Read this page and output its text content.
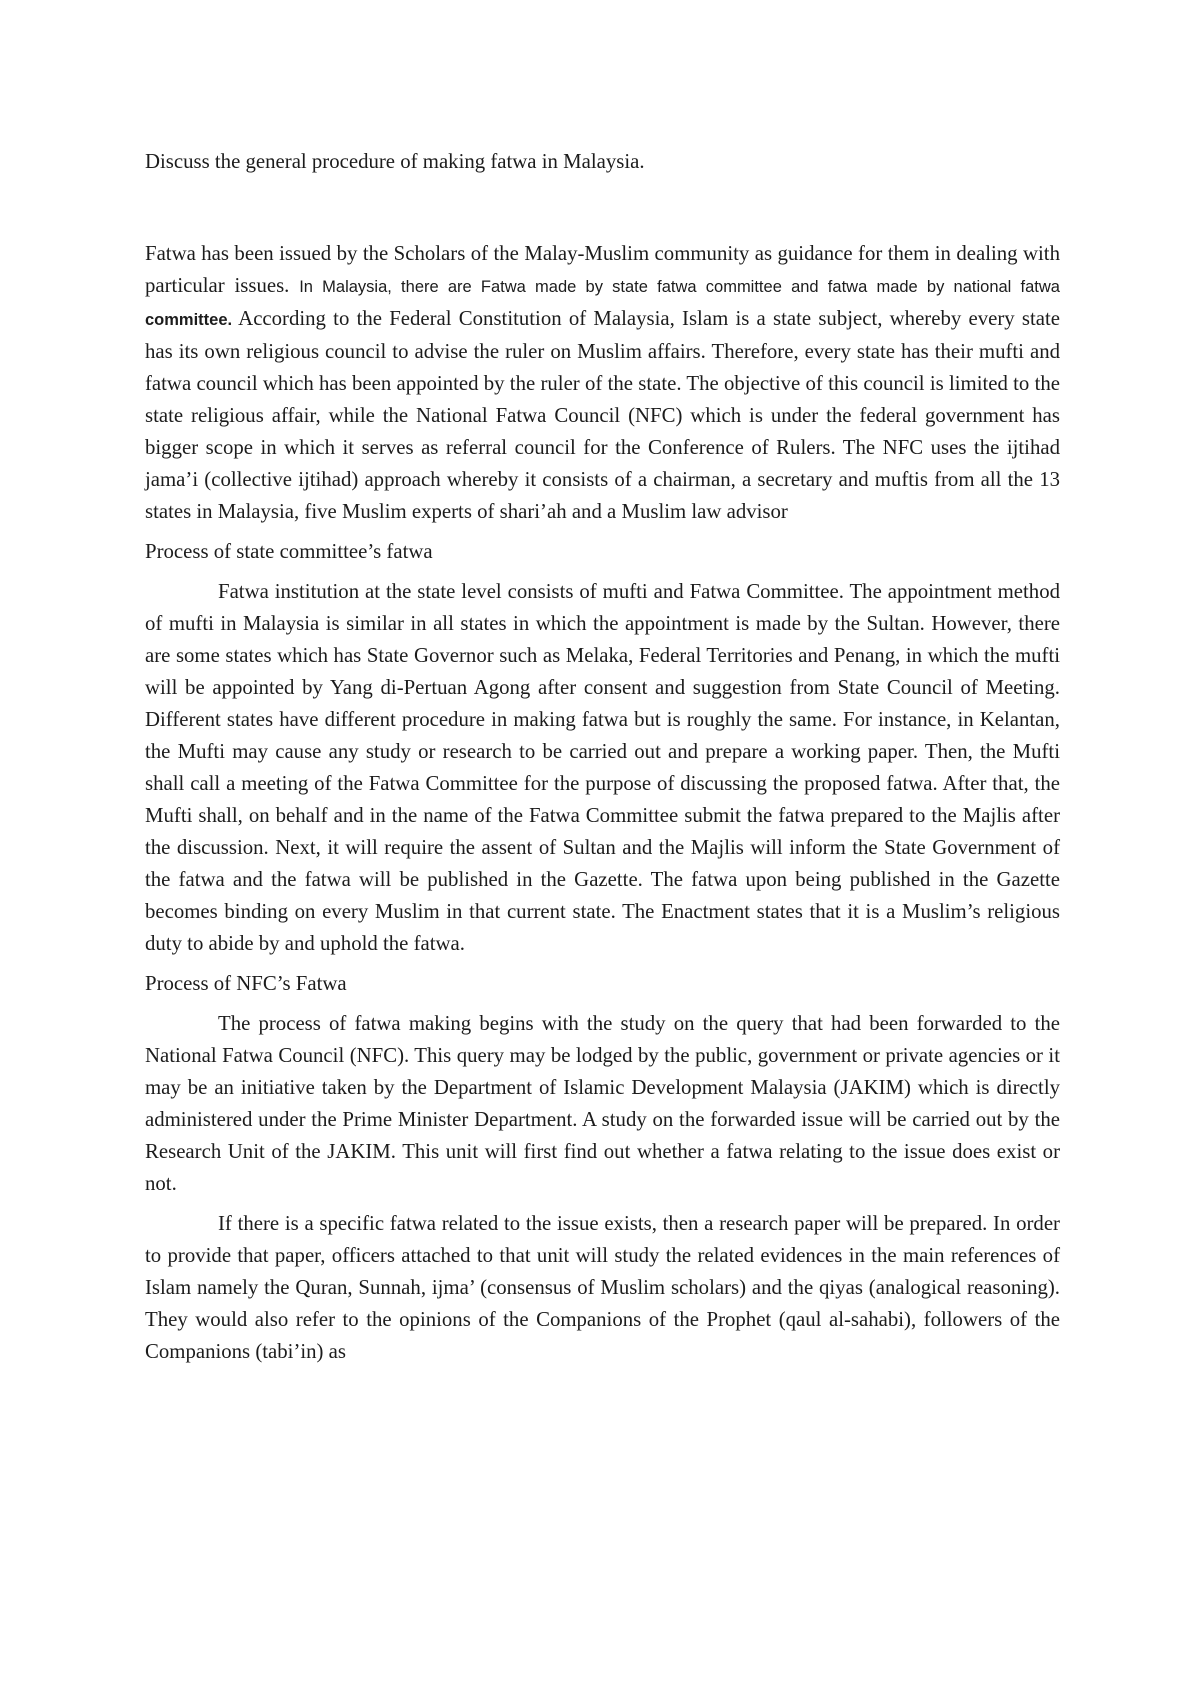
Discuss the general procedure of making fatwa in Malaysia.

Fatwa has been issued by the Scholars of the Malay-Muslim community as guidance for them in dealing with particular issues. In Malaysia, there are Fatwa made by state fatwa committee and fatwa made by national fatwa committee. According to the Federal Constitution of Malaysia, Islam is a state subject, whereby every state has its own religious council to advise the ruler on Muslim affairs. Therefore, every state has their mufti and fatwa council which has been appointed by the ruler of the state. The objective of this council is limited to the state religious affair, while the National Fatwa Council (NFC) which is under the federal government has bigger scope in which it serves as referral council for the Conference of Rulers. The NFC uses the ijtihad jama’i (collective ijtihad) approach whereby it consists of a chairman, a secretary and muftis from all the 13 states in Malaysia, five Muslim experts of shari’ah and a Muslim law advisor

Process of state committee’s fatwa

Fatwa institution at the state level consists of mufti and Fatwa Committee. The appointment method of mufti in Malaysia is similar in all states in which the appointment is made by the Sultan. However, there are some states which has State Governor such as Melaka, Federal Territories and Penang, in which the mufti will be appointed by Yang di-Pertuan Agong after consent and suggestion from State Council of Meeting. Different states have different procedure in making fatwa but is roughly the same. For instance, in Kelantan, the Mufti may cause any study or research to be carried out and prepare a working paper. Then, the Mufti shall call a meeting of the Fatwa Committee for the purpose of discussing the proposed fatwa. After that, the Mufti shall, on behalf and in the name of the Fatwa Committee submit the fatwa prepared to the Majlis after the discussion. Next, it will require the assent of Sultan and the Majlis will inform the State Government of the fatwa and the fatwa will be published in the Gazette. The fatwa upon being published in the Gazette becomes binding on every Muslim in that current state. The Enactment states that it is a Muslim’s religious duty to abide by and uphold the fatwa.

Process of NFC’s Fatwa

The process of fatwa making begins with the study on the query that had been forwarded to the National Fatwa Council (NFC). This query may be lodged by the public, government or private agencies or it may be an initiative taken by the Department of Islamic Development Malaysia (JAKIM) which is directly administered under the Prime Minister Department. A study on the forwarded issue will be carried out by the Research Unit of the JAKIM. This unit will first find out whether a fatwa relating to the issue does exist or not.

If there is a specific fatwa related to the issue exists, then a research paper will be prepared. In order to provide that paper, officers attached to that unit will study the related evidences in the main references of Islam namely the Quran, Sunnah, ijma’ (consensus of Muslim scholars) and the qiyas (analogical reasoning). They would also refer to the opinions of the Companions of the Prophet (qaul al-sahabi), followers of the Companions (tabi’in) as
